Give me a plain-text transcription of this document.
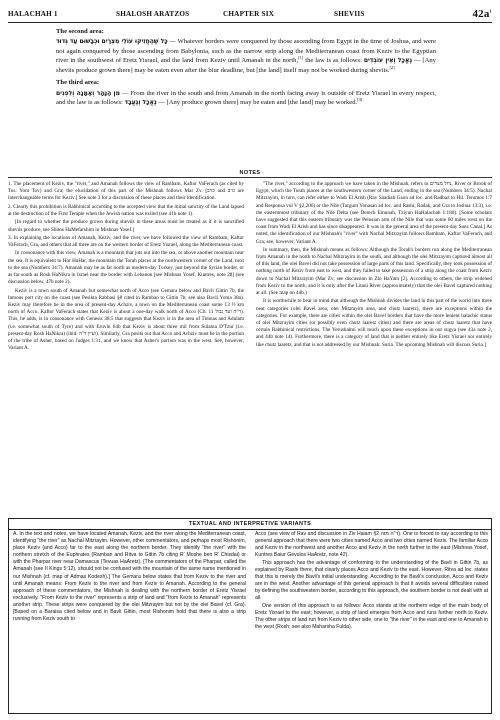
HALACHAH 1	SHALOSH ARATZOS	CHAPTER SIX	SHEVIIS	$42a^1$

The second area:

כָּל שֶׁהֶחֱזִיקוּ עוֹלֵי מִצְרַיִם וּכְבָשׁוּם עַד גְּדוּד — Whatever borders were conquered by those ascending from Egypt in the time of Joshua, and were not again conquered by those ascending from Babylonia, such as the narrow strip along the Mediterranean coast from Keziv to the Egyptian river in the southwest of Eretz Yisrael, and the land from Keziv until Amanah in the north,[1] the law is as follows: נֶאֱכָל וְאֵין עוֹבְדִים — [Any sheviis produce grown there] may be eaten even after the biur deadline, but [the land] itself may not be worked during sheviis.[2]

The third area:

מִן הַנָּהָר וְאַמָּנָה וְלִפְנִים — From the river in the south and from Amanah in the north facing away is outside of Eretz Yisrael in every respect, and the law is as follows: נֶאֱכָל וְנֶעֱבָד — [Any produce grown there] may be eaten and [the land] may be worked.[3]

NOTES

1. The placement of Keziv, the "river," and Amanah follows the view of Rambam, Kaftor VaFerach (as cited by Tos. Yom Tov) and Gra; the elucidation of this part of the Mishnah follows Mar Zv. [כזיב and גזיב are interchangeable terms for Keziv.] See note 3 for a discussion of these places and their identification.

2. Clearly this prohibition is Rabbinical according to the accepted view that the initial sanctity of the Land lapsed at the destruction of the First Temple when the Jewish nation was exiled (see 41b note 1).

[In regard to whether the produce grown during sheviis in these areas must be treated as if it is sanctified sheviis produce, see Shitos HaMefarshim in Mishnas Yosef.]

3. In explaining the locations of Amanah, Keziv, and the river, we have followed the view of Rambam, Kaftor VaFerach, Gra, and others that all three are on the western border of Eretz Yisrael, along the Mediterranean coast.

In consonance with this view, Amanah is a mountain that juts out into the sea, or above another mountain near the sea. It is equivalent to Hor HaHar, the mountain the Torah places at the northwestern corner of the Land, next to the sea (Numbers 34:7). Amanah may be as far north as modern-day Turkey, just beyond the Syrian border, or as far south as Rosh HaNikra in Israel near the border with Lebanon [see Mishnas Yosef, Kuntres, note 28] (see discussion below, 47b note 2).

Keziv is a town south of Amanah but somewhat north of Acco (see Gemara below and Bavli Gittin 7b, the famous port city on the coast (see Pesikta Rabbasi §8 cited in Ramban to Gittin 7b; see also Bavli Yoma 38a). Keziv may therefore be in the area of present-day Achziv, a town on the Mediterranean coast some 13 ½ km north of Acco. Kaftor VaFerach states that Keziv is about a one-day walk north of Acco (Ch. 11 ד"ה ועד גבול). This, he adds, is in consonance with Genesis 38:5 that suggests that Keziv is in the area of Timnas and Adulam (i.e. somewhat south of Tyre) and with Eruvin 64b that Keziv is about three mil from Sulama D'Tzur (i.e. present-day Rosh HaNikra) (ibid. ועיין ד"ה). Similarly, Gra posits out that Acco and Achziv must be in the portion of the tribe of Asher, based on Judges 1:31, and we know that Asher's portion was in the west. See, however, Variant A.

"The river," according to the approach we have taken in the Mishnah, refers to נחל מצרים, River or Brook of Egypt, which the Torah places at the southwestern corner of the Land, ending in the sea (Numbers 34:5). Nachal Mitzrayim, in turn, can refer either to Wadi El Arish (Rav Saadiah Gaon ad loc. and Radbaz to Hil. Terumos 1:7 and Responsa vol V §2,206) or the Nile (Targum Yonasan ad loc. and Rashi, Radak, and Gra to Joshua 13:3), i.e. the easternmost tributary of the Nile Delta (see Derech Emunah, Tziyun HaHalachah 1:180). [Some scholars have suggested that this eastern tributary was the Pelusian arm of the Nile that was some 60 miles west on the coast from Wadi El Arish and has since disappeared. It was in the general area of the present-day Suez Canal.] As noted, the identification of our Mishnah's "river" with Nachal Mitzrayim follows Rambam, Kaftor VaFerach, and Gra; see, however, Variant A.

In summary, then, the Mishnah means as follows: Although the Torah's borders run along the Mediterranean from Amanah in the north to Nachal Mitzrayim in the south, and although the olei Mitzrayim captured almost all of this land, the olei Bavel did not take possession of large parts of this land. Specifically, they took possession of nothing north of Keziv from east to west, and they failed to take possession of a strip along the coast from Keziv down to Nachal Mitzrayim (Mar Zv; see discussion in Zio HaYam [2]. According to others, the strip widened from Keziv to the north, and it is only after the Litani River (approximately) that the olei Bavel captured nothing at all. (See map on 44b.)

It is worthwhile to bear in mind that although the Mishnah divides the land in this part of the world into three neat categories (olei Bavel area, olei Mitzrayim area, and chutz laaretz), there are exceptions within the categories. For example, there are cities within the olei Bavel borders that have the more lenient halachic status of olei Mitzrayim cities (or possibly even chutz laaretz cities) and there are areas of chutz laaretz that have certain Rabbinical restrictions. The Yerushalmi will touch upon these exceptions in our sugya (see 43a note 2, and 44b note 14). Furthermore, there is a category of land that is neither entirely like Eretz Yisrael nor entirely like chutz laaretz, and that is not addressed by our Mishnah: Suria. The upcoming Mishnah will discuss Suria.]

TEXTUAL AND INTERPRETIVE VARIANTS

A. In the text and notes, we have located Amanah, Keziv, and the river along the Mediterranean coast, identifying "the river" as Nachal Mitzrayim. However, other commentators, and perhaps most Rishonim, place Keziv (and Acco) far to the east along the northern border. They identify "the river" with the northern stretch of the Euphrates (Ramban and Ritva to Gittin 7b citing R' Moshe ben R' Chisdai) or with the Pharpar river near Damascus (Tevuas HaAretz). [The commentators of the Pharpar, called the Amanah (see II Kings 5:12), should not be confused with the mountain of the same name mentioned in our Mishnah (cf. map of Admas Kodesh).] The Gemara below states that from Keziv to the river and until Amanah means: From Keziv to the river and from Keziv to Amanah. According to the general approach of these commentators, the Mishnah is dealing with the northern border of Eretz Yisrael exclusively. "From Keziv to the river" represents a strip of land and "from Keziv to Amanah" represents another strip. These strips were conquered by the olei Mitzrayim but not by the olei Bavel (cf. Gra). [Based on a Baraisa cited below and in Bavli Gittin, most Rishonim hold that there is also a strip running from Keziv south to

Acco (see view of Rav and discussion in Ziv Haiam §2 ד"ה מזה). One is forced to say according to this general approach that there were two cities named Acco and two cities named Keziv. The familiar Acco and Keziv in the northwest and another Acco and Keziv in the north further to the east (Mishnas Yosef, Kuntres Baiur Gevulos HaAretz, note 42).

This approach has the advantage of conforming to the understanding of the Bavli in Gittin 7b, as explained by Rashi there, that clearly places Acco and Keziv to the east. However, Ritva ad loc. states that this is merely the Bavli's initial understanding. According to the Bavli's conclusion, Acco and Keziv are in the west. Another advantage of this general approach is that it avoids several difficulties raised by defining the southwestern border, according to this approach, the southern border is not dealt with at all.

One version of this approach is as follows: Acco stands at the northern edge of the main body of Eretz Yisrael to the east; however, a strip of land emerges from Acco and runs further north to Keziv. The other strips of land run from Keziv to other side, one to "the river" in the east and one to Amanah in the west (Rosh; see also Maharsha Fulda).
